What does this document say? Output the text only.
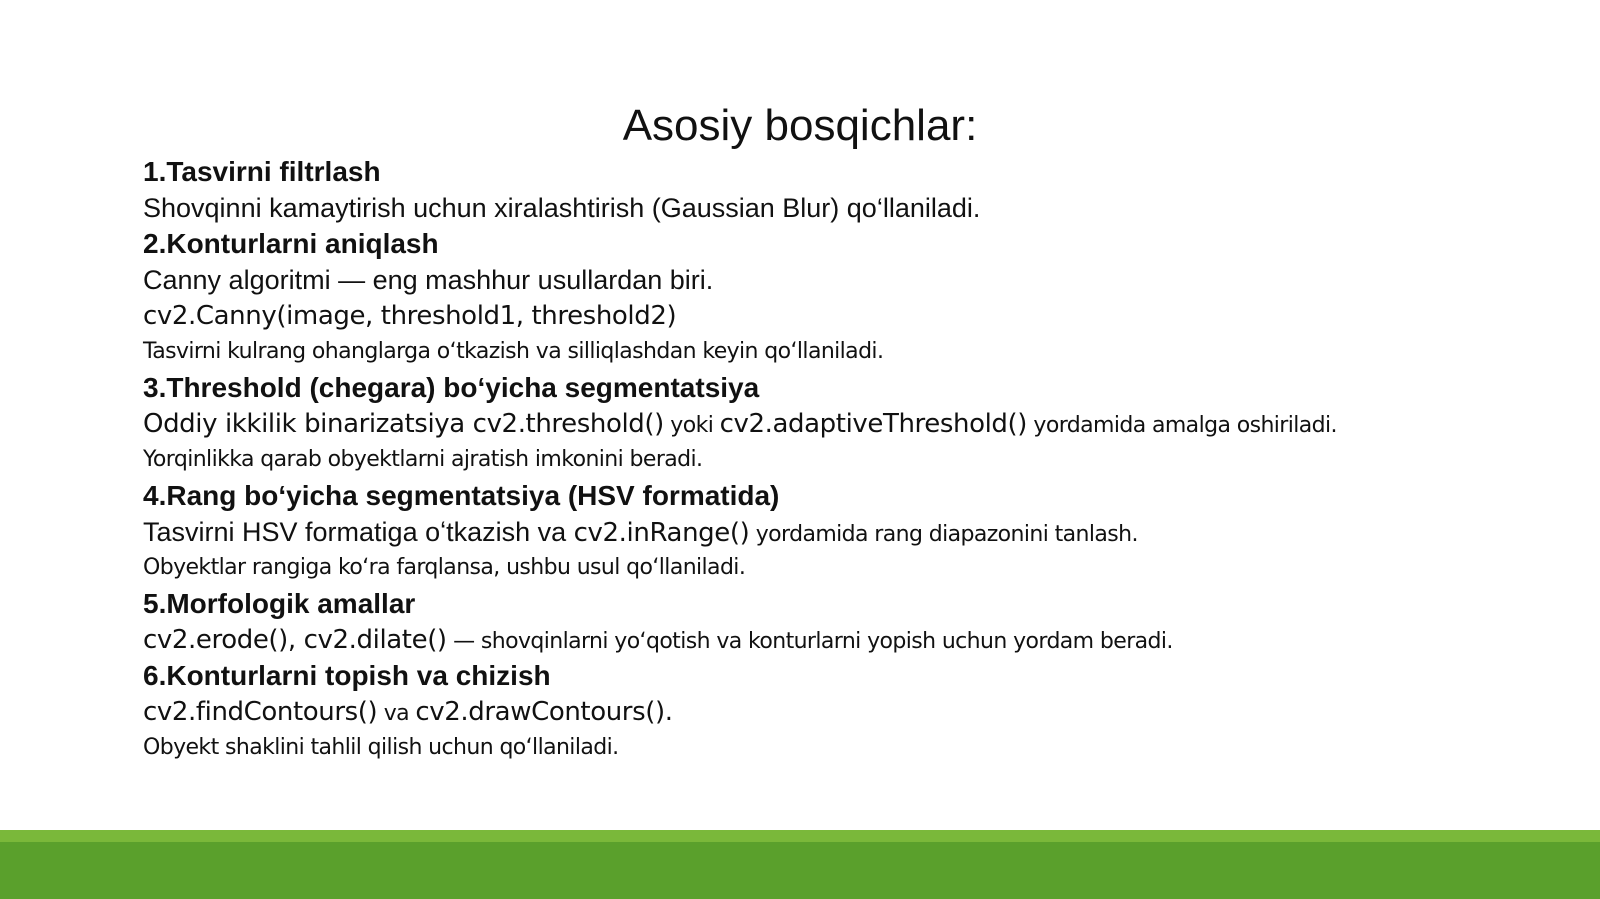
Asosiy bosqichlar:
1.Tasvirni filtrlash
Shovqinni kamaytirish uchun xiralashtirish (Gaussian Blur) qo‘llaniladi.
2.Konturlarni aniqlash
Canny algoritmi — eng mashhur usullardan biri.
cv2.Canny(image, threshold1, threshold2)
Tasvirni kulrang ohanglarga oʻtkazish va silliqlashdan keyin qo‘llaniladi.
3.Threshold (chegara) bo‘yicha segmentatsiya
Oddiy ikkilik binarizatsiya cv2.threshold() yoki cv2.adaptiveThreshold() yordamida amalga oshiriladi.
Yorqinlikka qarab obyektlarni ajratish imkonini beradi.
4.Rang bo‘yicha segmentatsiya (HSV formatida)
Tasvirni HSV formatiga oʻtkazish va cv2.inRange() yordamida rang diapazonini tanlash.
Obyektlar rangiga koʻra farqlansa, ushbu usul qo‘llaniladi.
5.Morfologik amallar
cv2.erode(), cv2.dilate() — shovqinlarni yoʻqotish va konturlarni yopish uchun yordam beradi.
6.Konturlarni topish va chizish
cv2.findContours() va cv2.drawContours().
Obyekt shaklini tahlil qilish uchun qo‘llaniladi.
